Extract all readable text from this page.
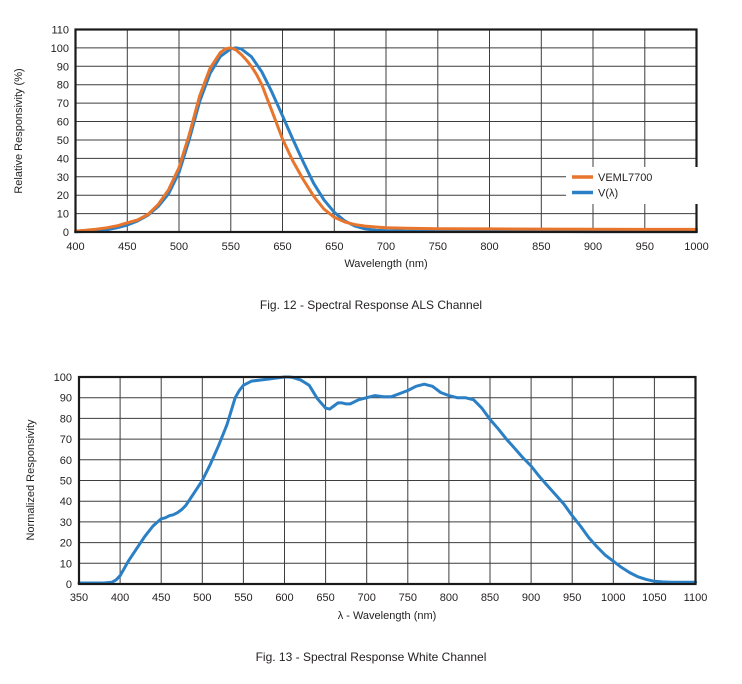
0
10
20
30
40
50
60
70
80
90
100
110
400	450	500	550	650	650	700	750	800	850	900	950	1000
Wavelength (nm)
Relative Responsivity (%)	VEML7700
V(λ)
0
10
20
30
40
50
60
70
80
90
100
350 400 450 500 550 600 650 700 750 800 850 900 950 1000 1050 1100
λ - Wavelength (nm)
Normalized Responsivity
Fig. 12 - Spectral Response ALS Channel
Fig. 13 - Spectral Response White Channel
